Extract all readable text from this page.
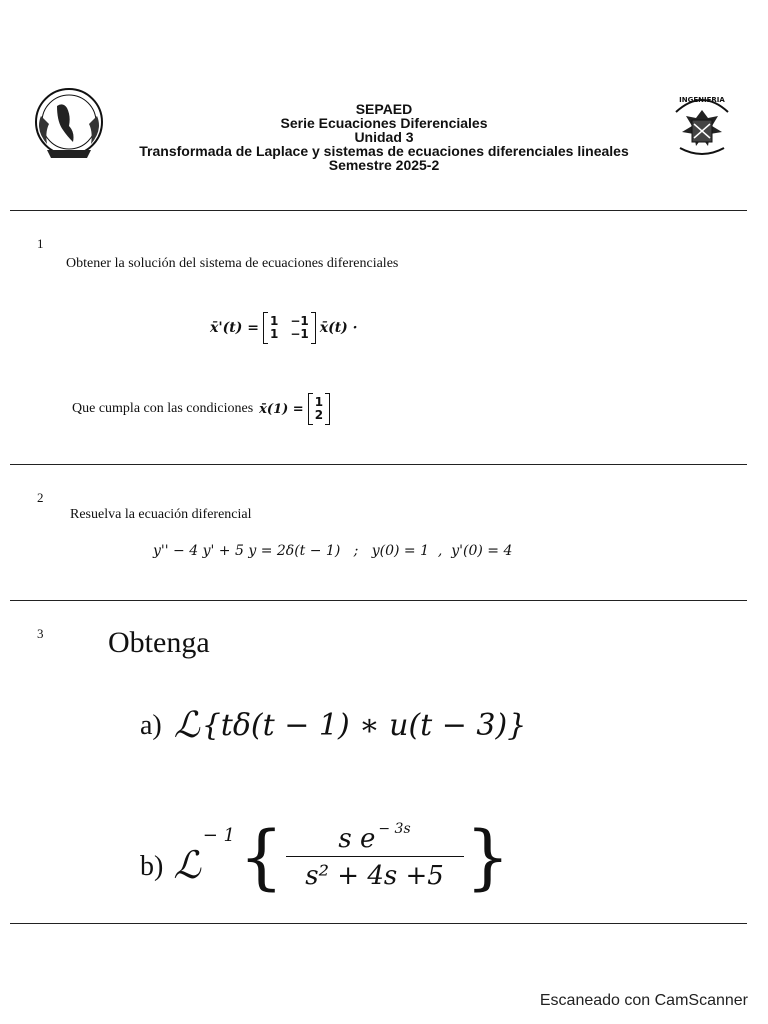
INGENIERIA
SEPAED
Serie Ecuaciones Diferenciales
Unidad 3
Transformada de Laplace y sistemas de ecuaciones diferenciales lineales
Semestre 2025-2
1
Obtener la solución del sistema de ecuaciones diferenciales
x̄'(t) = 1 −1
1 −1 x̄(t) ·
Que cumpla con las condiciones x̄(1) = 1
2
2
Resuelva la ecuación diferencial
y'' − 4 y' + 5 y = 2δ(t − 1)   ;   y(0) = 1  ,  y'(0) = 4
3 Obtenga
a) ℒ {tδ(t − 1) ∗ u(t − 3)}
b) ℒ
− 1 {	s e $^{- 3s}$
s² + 4s +5 }
Escaneado con CamScanner
